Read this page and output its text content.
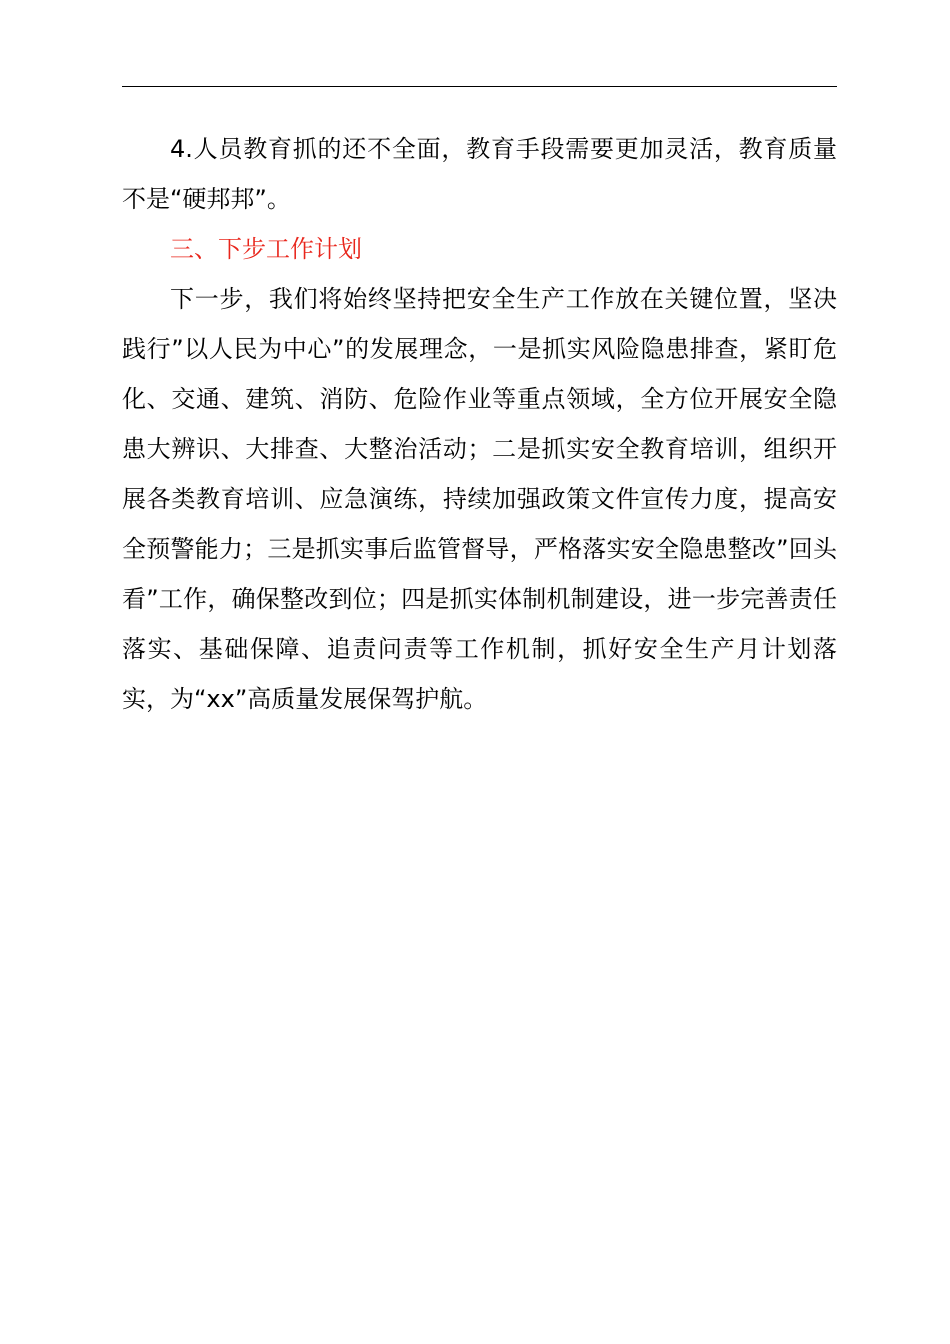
4.人员教育抓的还不全面，教育手段需要更加灵活，教育质量不是“硬邦邦”。

三、下步工作计划

下一步，我们将始终坚持把安全生产工作放在关键位置，坚决践行”以人民为中心”的发展理念，一是抓实风险隐患排查，紧盯危化、交通、建筑、消防、危险作业等重点领域，全方位开展安全隐患大辨识、大排查、大整治活动；二是抓实安全教育培训，组织开展各类教育培训、应急演练，持续加强政策文件宣传力度，提高安全预警能力；三是抓实事后监管督导，严格落实安全隐患整改”回头看”工作，确保整改到位；四是抓实体制机制建设，进一步完善责任落实、基础保障、追责问责等工作机制，抓好安全生产月计划落实，为“xx”高质量发展保驾护航。
